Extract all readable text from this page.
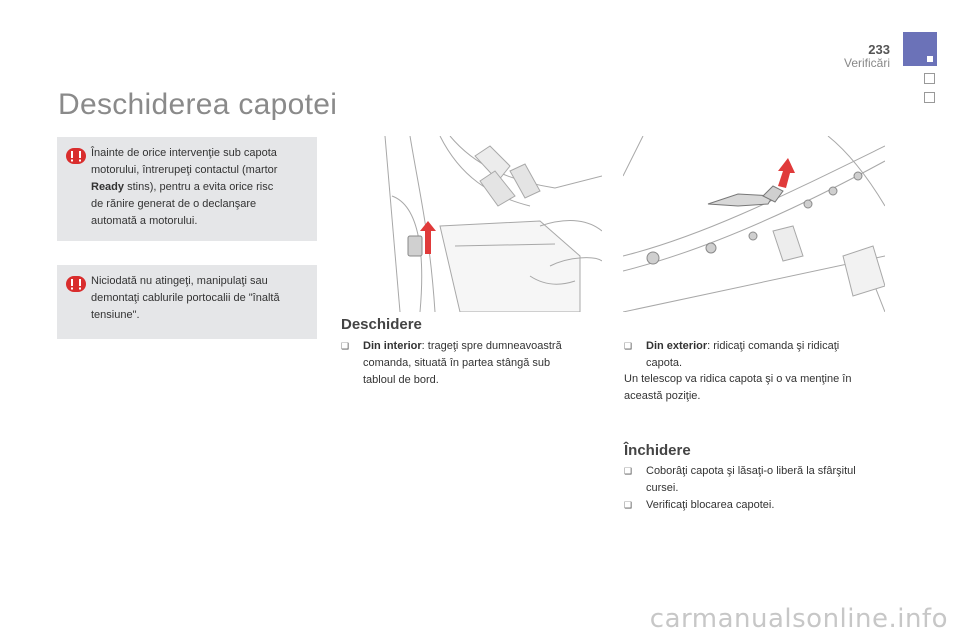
233
Verificări
Deschiderea capotei
Înainte de orice intervenţie sub capota
motorului, întrerupeţi contactul (martor
Ready stins), pentru a evita orice risc
de rănire generat de o declanşare
automată a motorului.
Niciodată nu atingeţi, manipulaţi sau
demontaţi cablurile portocalii de "înaltă
tensiune".
Deschidere
❑	Din interior: trageţi spre dumneavoastră
comanda, situată în partea stângă sub
tabloul de bord.
❑	Din exterior: ridicaţi comanda şi ridicaţi
capota.
Un telescop va ridica capota şi o va menţine în
această poziţie.
Închidere
❑	Coborâţi capota şi lăsaţi-o liberă la sfârşitul
cursei.
❑	Verificaţi blocarea capotei.
carmanualsonline.info
